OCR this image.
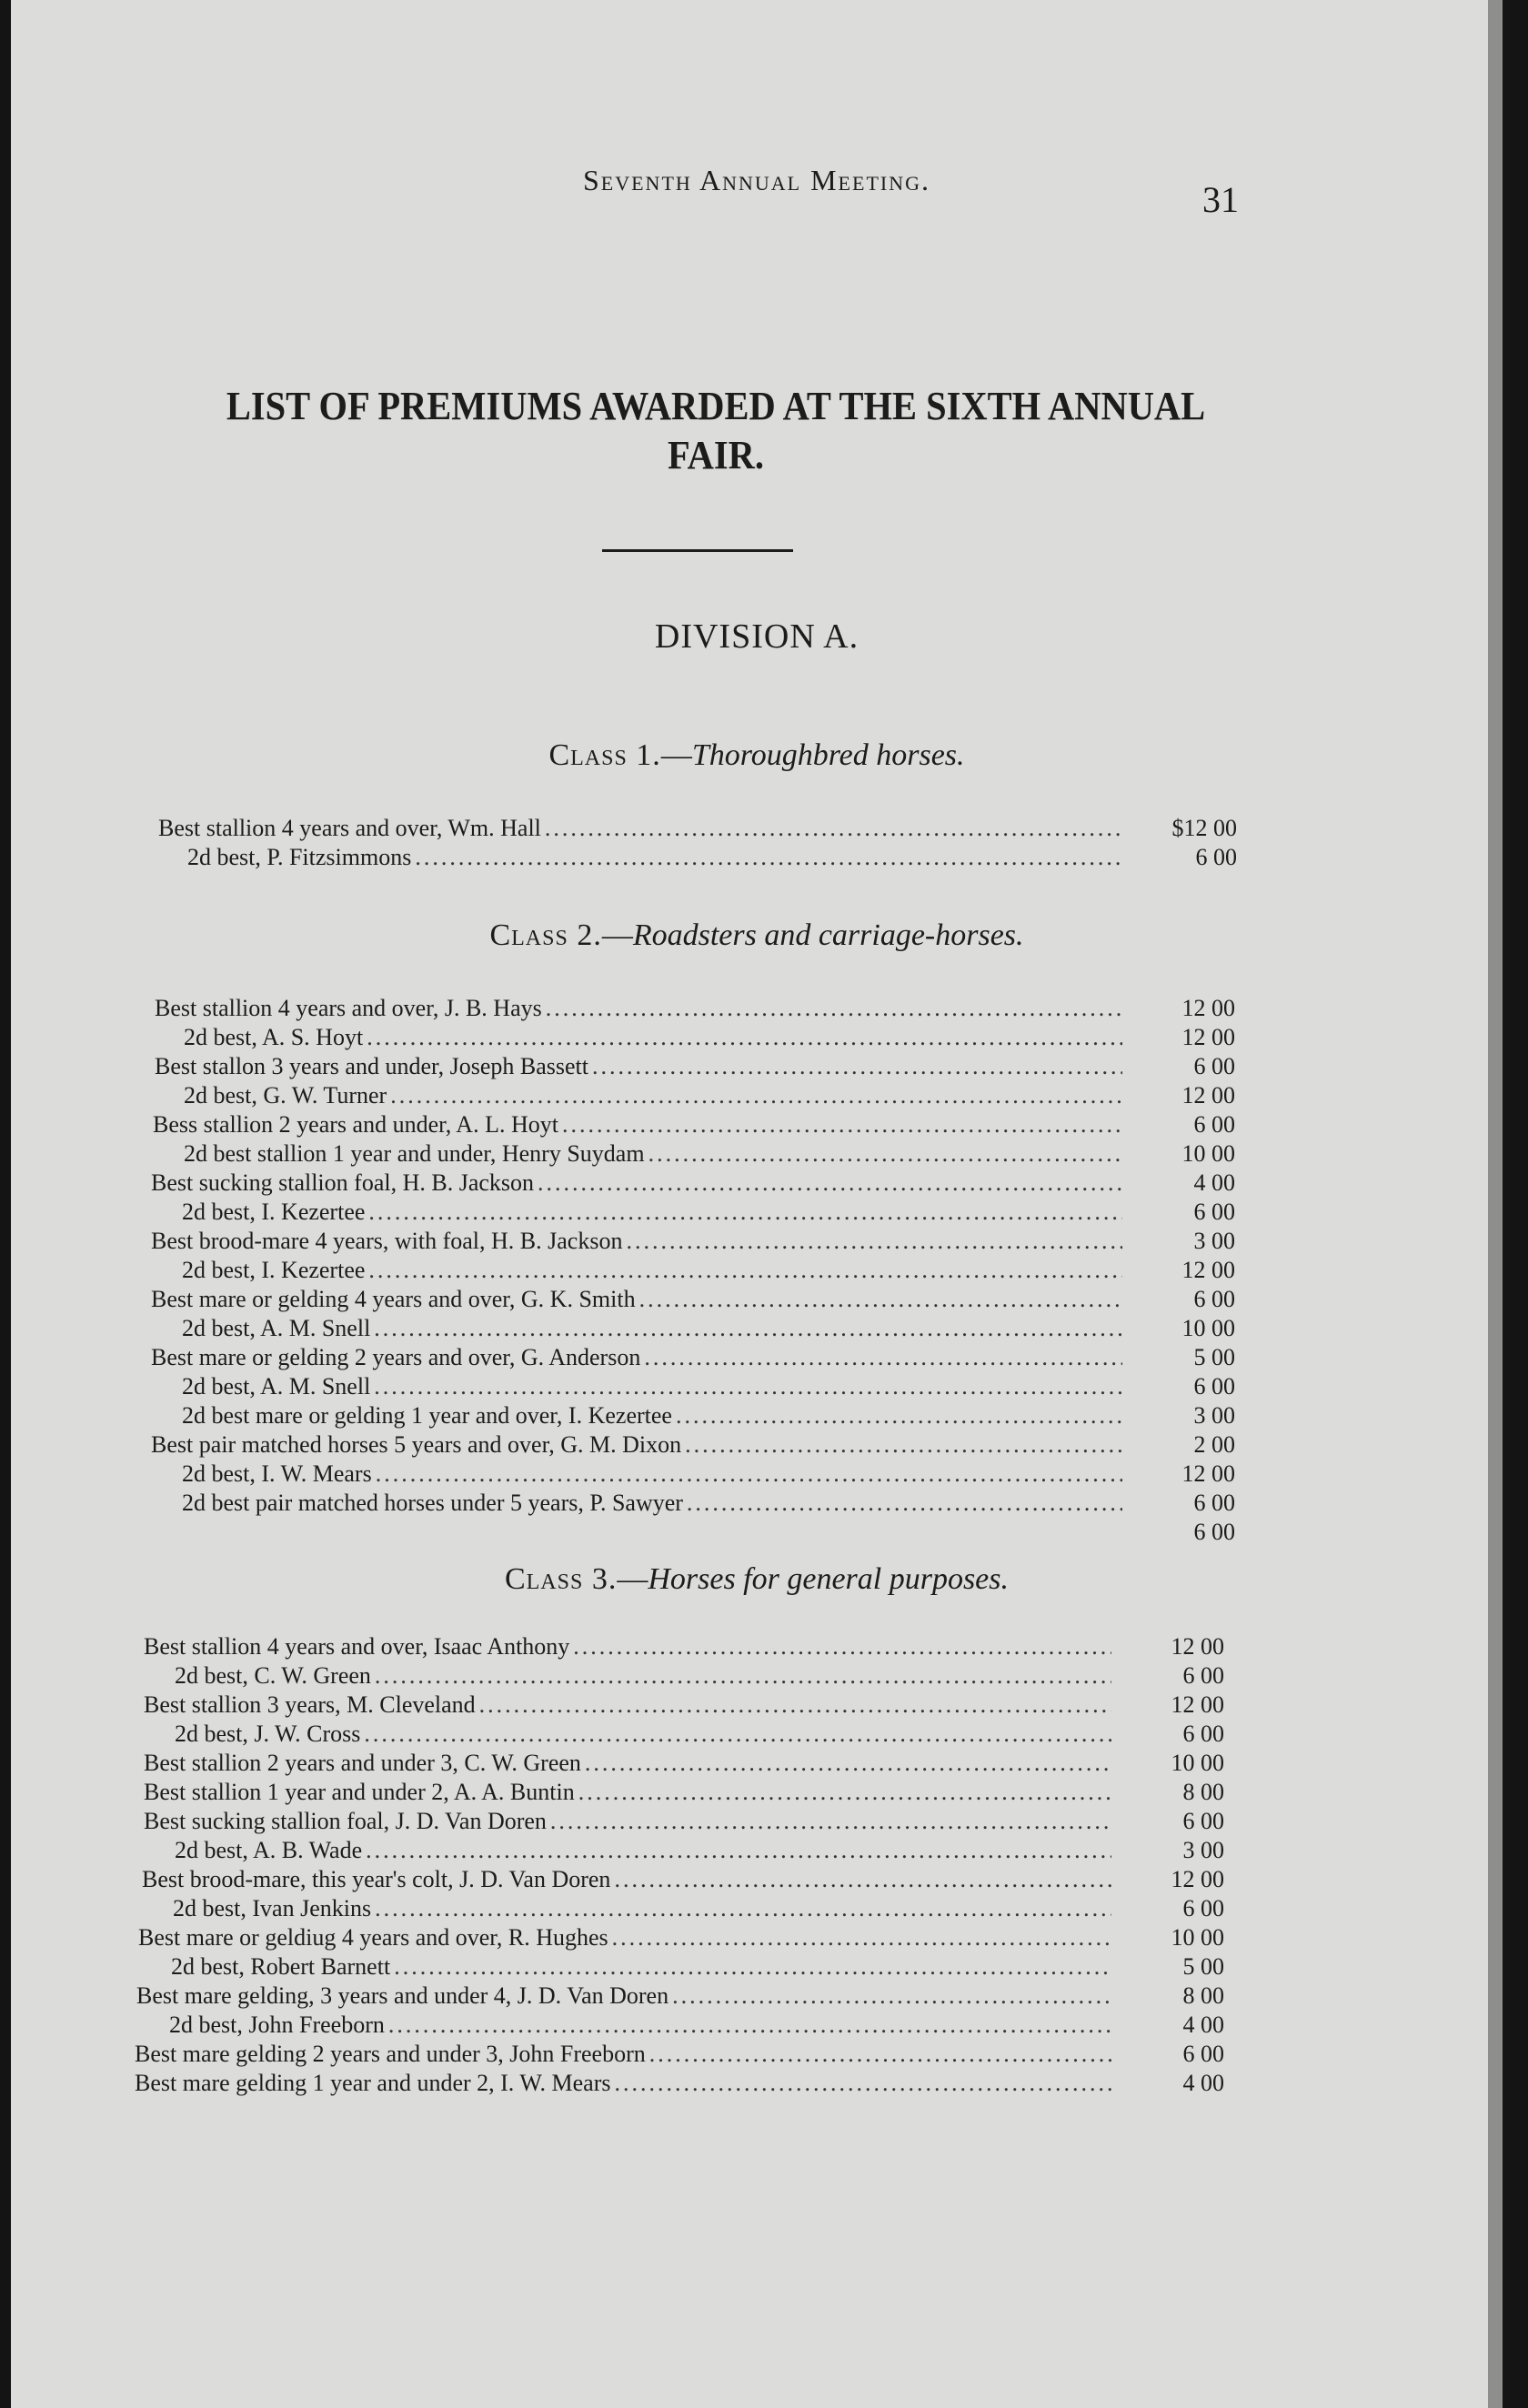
Seventh Annual Meeting.	31
LIST OF PREMIUMS AWARDED AT THE SIXTH ANNUAL
FAIR.
DIVISION A.
Class 1.—Thoroughbred horses.
Best stallion 4 years and over, Wm. Hall .....	$12 00
2d best, P. Fitzsimmons .....	6 00
Class 2.—Roadsters and carriage-horses.
Best stallion 4 years and over, J. B. Hays .....	12 00
2d best, A. S. Hoyt .....	12 00
Best stallon 3 years and under, Joseph Bassett .....	6 00
2d best, G. W. Turner .....	12 00
Bess stallion 2 years and under, A. L. Hoyt .....	6 00
2d best stallion 1 year and under, Henry Suydam .....	10 00
Best sucking stallion foal, H. B. Jackson .....	4 00
2d best, I. Kezertee .....	6 00
Best brood-mare 4 years, with foal, H. B. Jackson .....	3 00
2d best, I. Kezertee .....	12 00
Best mare or gelding 4 years and over, G. K. Smith .....	6 00
2d best, A. M. Snell .....	10 00
Best mare or gelding 2 years and over, G. Anderson .....	5 00
2d best, A. M. Snell .....	6 00
2d best mare or gelding 1 year and over, I. Kezertee .....	3 00
Best pair matched horses 5 years and over, G. M. Dixon .....	2 00
2d best, I. W. Mears .....	12 00
2d best pair matched horses under 5 years, P. Sawyer .....	6 00
6 00
Class 3.—Horses for general purposes.
Best stallion 4 years and over, Isaac Anthony .....	12 00
2d best, C. W. Green .....	6 00
Best stallion 3 years, M. Cleveland .....	12 00
2d best, J. W. Cross .....	6 00
Best stallion 2 years and under 3, C. W. Green .....	10 00
Best stallion 1 year and under 2, A. A. Buntin .....	8 00
Best sucking stallion foal, J. D. Van Doren .....	6 00
2d best, A. B. Wade .....	3 00
Best brood-mare, this year's colt, J. D. Van Doren .....	12 00
2d best, Ivan Jenkins .....	6 00
Best mare or geldiug 4 years and over, R. Hughes .....	10 00
2d best, Robert Barnett .....	5 00
Best mare gelding, 3 years and under 4, J. D. Van Doren .....	8 00
2d best, John Freeborn .....	4 00
Best mare gelding 2 years and under 3, John Freeborn .....	6 00
Best mare gelding 1 year and under 2, I. W. Mears .....	4 00
